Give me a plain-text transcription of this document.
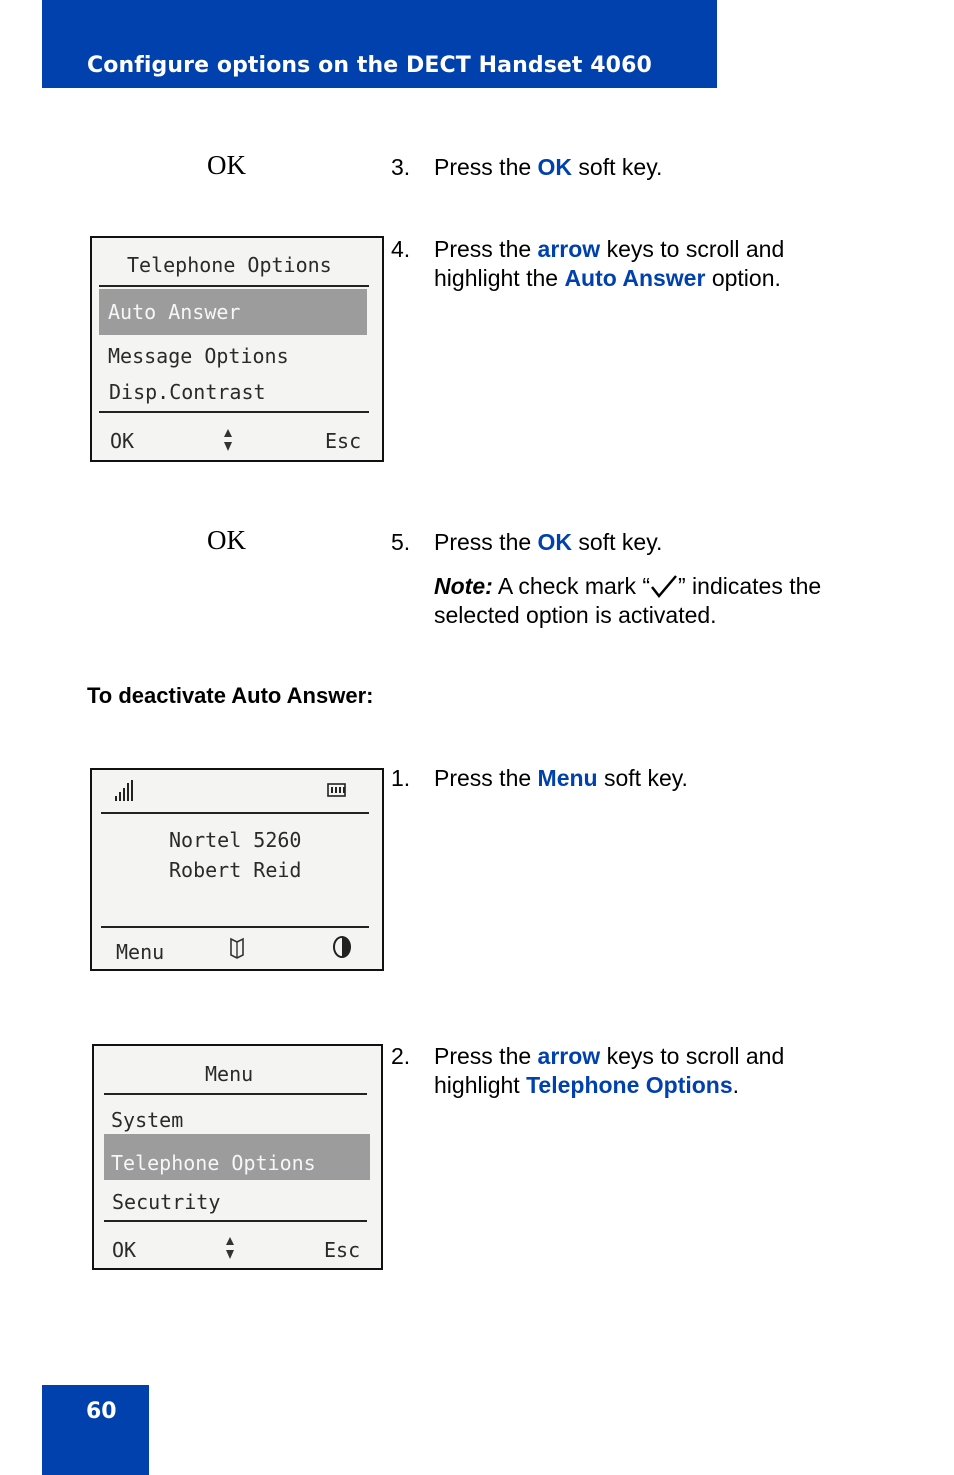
Configure options on the DECT Handset 4060
OK	3. Press the OK soft key.
Telephone Options
Auto Answer
Message Options
Disp.Contrast
OK	Esc
4. Press the arrow keys to scroll and highlight the Auto Answer option.
OK	5. Press the OK soft key.
Note: A check mark “ ” indicates the selected option is activated.
To deactivate Auto Answer:
Nortel 5260
Robert Reid
Menu
1. Press the Menu soft key.
Menu
System
Telephone Options
Secutrity
OK	Esc
2. Press the arrow keys to scroll and highlight Telephone Options.
60
